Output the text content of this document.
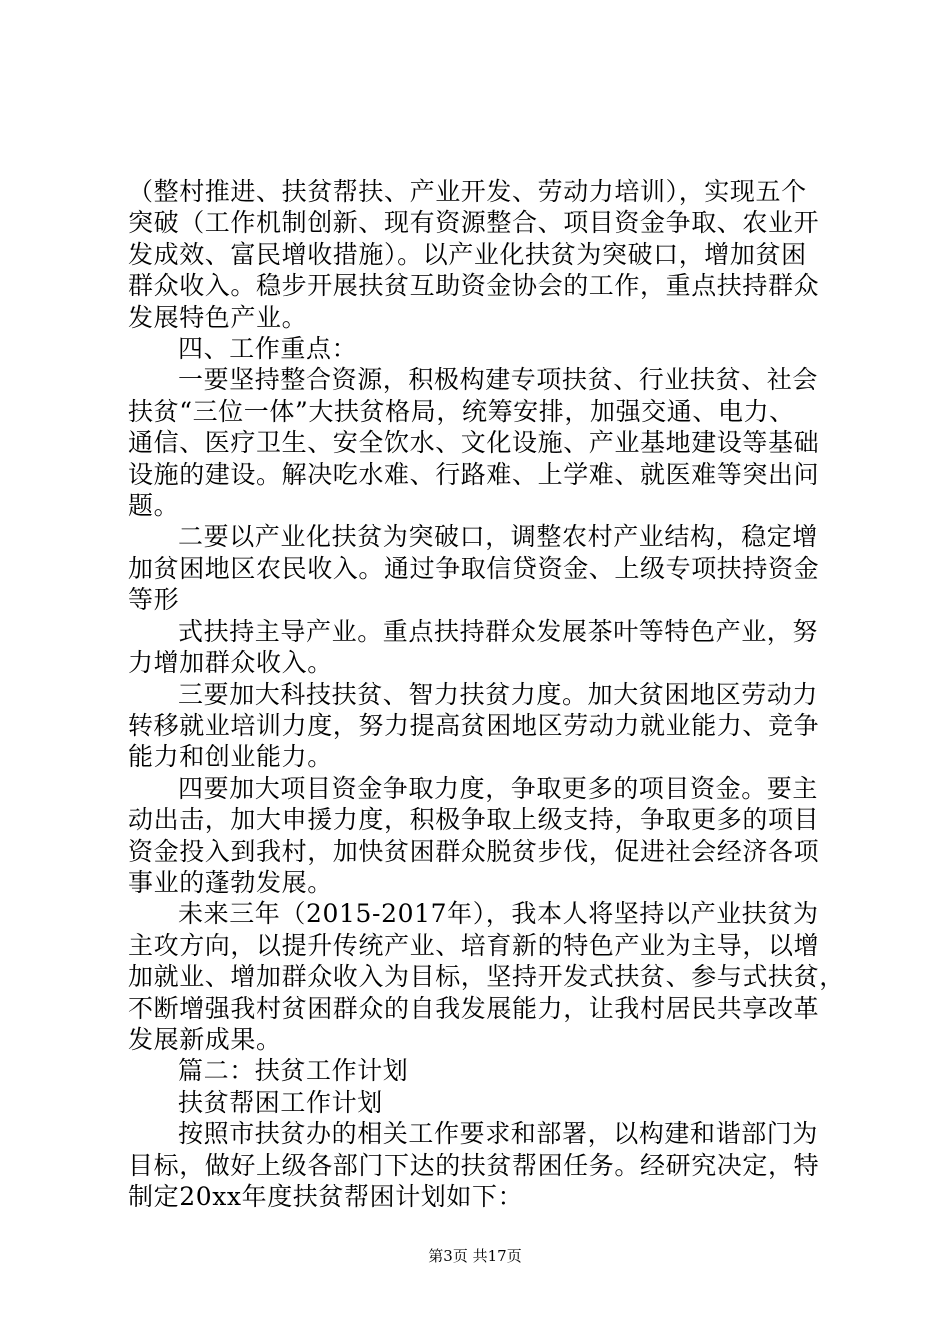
（整村推进、扶贫帮扶、产业开发、劳动力培训），实现五个
突破（工作机制创新、现有资源整合、项目资金争取、农业开
发成效、富民增收措施）。以产业化扶贫为突破口，增加贫困
群众收入。稳步开展扶贫互助资金协会的工作，重点扶持群众
发展特色产业。
四、工作重点：
一要坚持整合资源，积极构建专项扶贫、行业扶贫、社会
扶贫“三位一体”大扶贫格局，统筹安排，加强交通、电力、
通信、医疗卫生、安全饮水、文化设施、产业基地建设等基础
设施的建设。解决吃水难、行路难、上学难、就医难等突出问
题。
二要以产业化扶贫为突破口，调整农村产业结构，稳定增
加贫困地区农民收入。通过争取信贷资金、上级专项扶持资金
等形
式扶持主导产业。重点扶持群众发展茶叶等特色产业，努
力增加群众收入。
三要加大科技扶贫、智力扶贫力度。加大贫困地区劳动力
转移就业培训力度，努力提高贫困地区劳动力就业能力、竞争
能力和创业能力。
四要加大项目资金争取力度，争取更多的项目资金。要主
动出击，加大申援力度，积极争取上级支持，争取更多的项目
资金投入到我村，加快贫困群众脱贫步伐，促进社会经济各项
事业的蓬勃发展。
未来三年（2015-2017年），我本人将坚持以产业扶贫为
主攻方向，以提升传统产业、培育新的特色产业为主导，以增
加就业、增加群众收入为目标，坚持开发式扶贫、参与式扶贫，
不断增强我村贫困群众的自我发展能力，让我村居民共享改革
发展新成果。
篇二：扶贫工作计划
扶贫帮困工作计划
按照市扶贫办的相关工作要求和部署，以构建和谐部门为
目标，做好上级各部门下达的扶贫帮困任务。经研究决定，特
制定20xx年度扶贫帮困计划如下：
第3页 共17页
